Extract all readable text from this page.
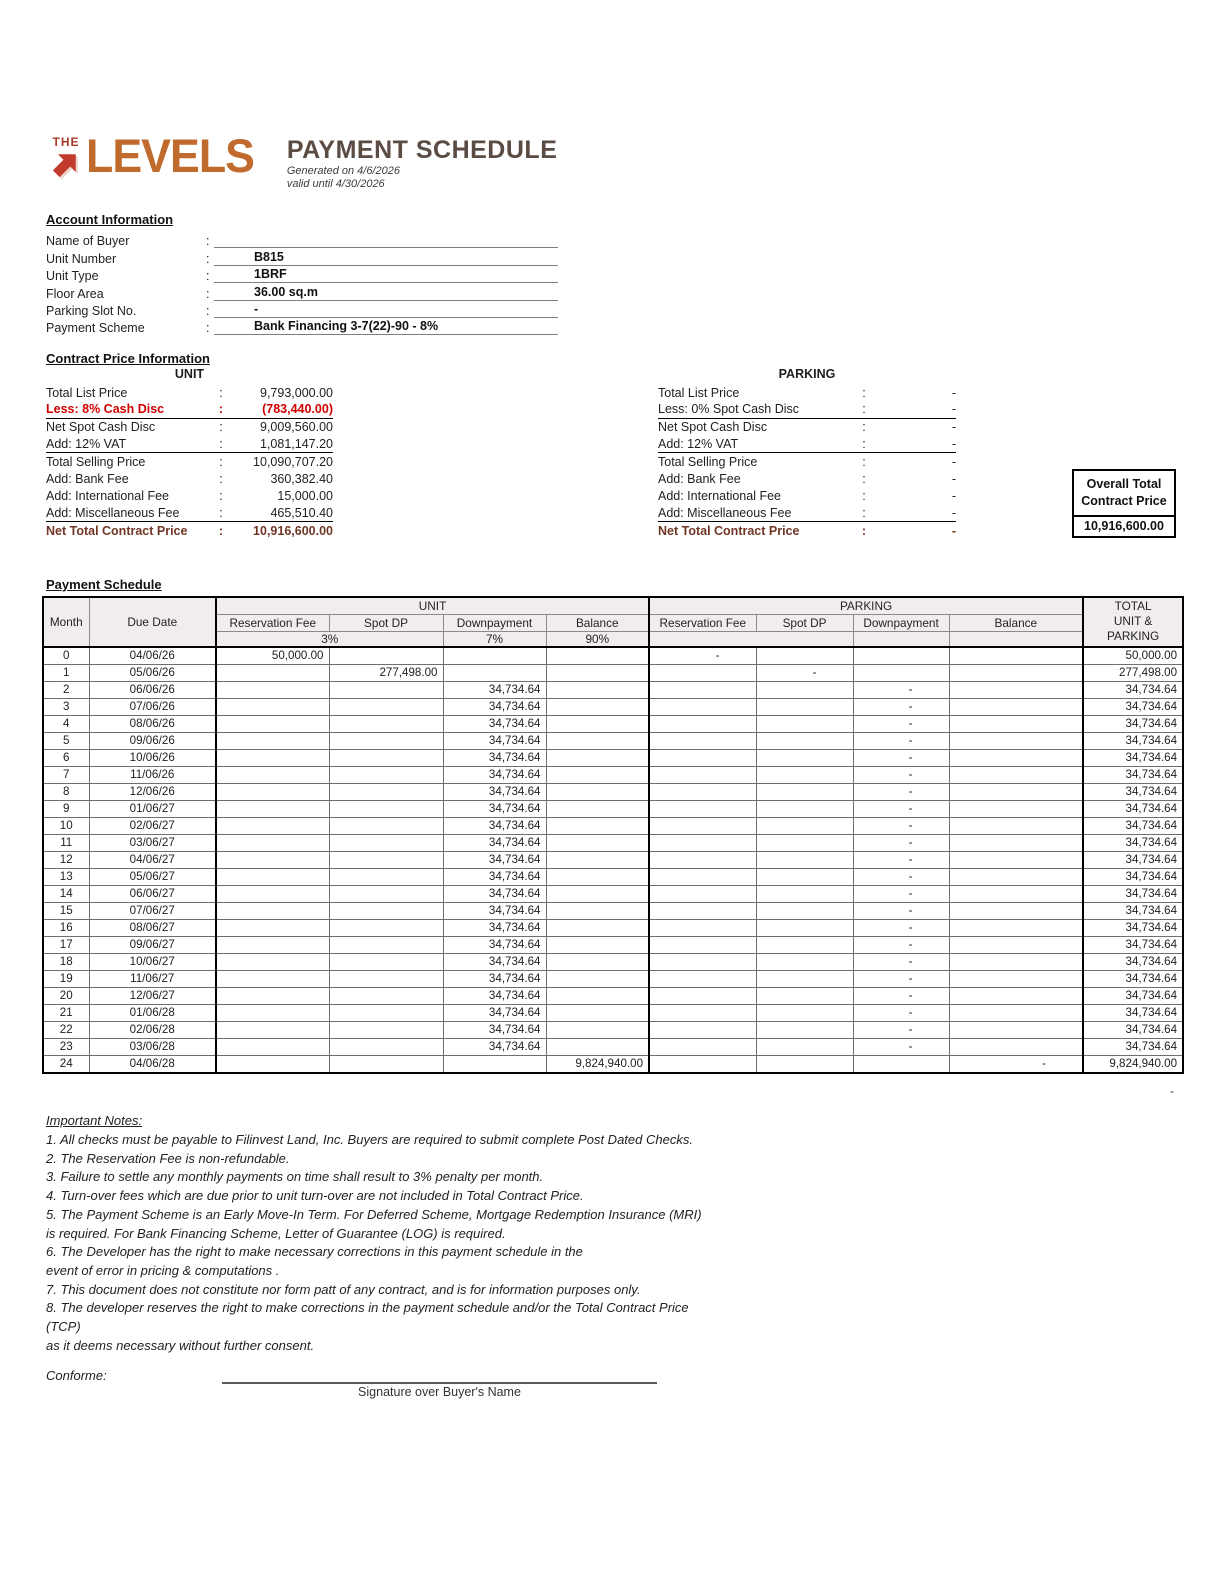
THE LEVELS PAYMENT SCHEDULE
Generated on 4/6/2026
valid until 4/30/2026
Account Information
Name of Buyer	:
Unit Number	:	B815
Unit Type	:	1BRF
Floor Area	:	36.00 sq.m
Parking Slot No.	:	-
Payment Scheme	:	Bank Financing 3-7(22)-90 - 8%
Contract Price Information
UNIT
Total List Price	:	9,793,000.00
Less: 8% Cash Disc	:	(783,440.00)
Net Spot Cash Disc	:	9,009,560.00
Add: 12% VAT	:	1,081,147.20
Total Selling Price	:	10,090,707.20
Add: Bank Fee	:	360,382.40
Add: International Fee	:	15,000.00
Add: Miscellaneous Fee	:	465,510.40
Net Total Contract Price	:	10,916,600.00
PARKING
Total List Price	:	-
Less: 0% Spot Cash Disc	:	-
Net Spot Cash Disc	:	-
Add: 12% VAT	:	-
Total Selling Price	:	-
Add: Bank Fee	:	-
Add: International Fee	:	-
Add: Miscellaneous Fee	:	-
Net Total Contract Price	:	-
Overall Total Contract Price
10,916,600.00
Payment Schedule
Month	Due Date	UNIT				PARKING				TOTAL
UNIT &
PARKING

		Reservation Fee	Spot DP	Downpayment	Balance	Reservation Fee	Spot DP	Downpayment	Balance	
		3%		7%	90%					
0	04/06/26	50,000.00				-				50,000.00
1	05/06/26		277,498.00				-			277,498.00
2	06/06/26			34,734.64				-		34,734.64
3	07/06/26			34,734.64				-		34,734.64
4	08/06/26			34,734.64				-		34,734.64
5	09/06/26			34,734.64				-		34,734.64
6	10/06/26			34,734.64				-		34,734.64
7	11/06/26			34,734.64				-		34,734.64
8	12/06/26			34,734.64				-		34,734.64
9	01/06/27			34,734.64				-		34,734.64
10	02/06/27			34,734.64				-		34,734.64
11	03/06/27			34,734.64				-		34,734.64
12	04/06/27			34,734.64				-		34,734.64
13	05/06/27			34,734.64				-		34,734.64
14	06/06/27			34,734.64				-		34,734.64
15	07/06/27			34,734.64				-		34,734.64
16	08/06/27			34,734.64				-		34,734.64
17	09/06/27			34,734.64				-		34,734.64
18	10/06/27			34,734.64				-		34,734.64
19	11/06/27			34,734.64				-		34,734.64
20	12/06/27			34,734.64				-		34,734.64
21	01/06/28			34,734.64				-		34,734.64
22	02/06/28			34,734.64				-		34,734.64
23	03/06/28			34,734.64				-		34,734.64
24	04/06/28				9,824,940.00				-	9,824,940.00
-
Important Notes:
1. All checks must be payable to Filinvest Land, Inc. Buyers are required to submit complete Post Dated Checks.
2. The Reservation Fee is non-refundable.
3. Failure to settle any monthly payments on time shall result to 3% penalty per month.
4. Turn-over fees which are due prior to unit turn-over are not included in Total Contract Price.
5. The Payment Scheme is an Early Move-In Term. For Deferred Scheme, Mortgage Redemption Insurance (MRI)
is required. For Bank Financing Scheme, Letter of Guarantee (LOG) is required.
6. The Developer has the right to make necessary corrections in this payment schedule in the
event of error in pricing & computations .
7. This document does not constitute nor form patt of any contract, and is for information purposes only.
8. The developer reserves the right to make corrections in the payment schedule and/or the Total Contract Price (TCP)
as it deems necessary without further consent.
Conforme:
Signature over Buyer's Name
